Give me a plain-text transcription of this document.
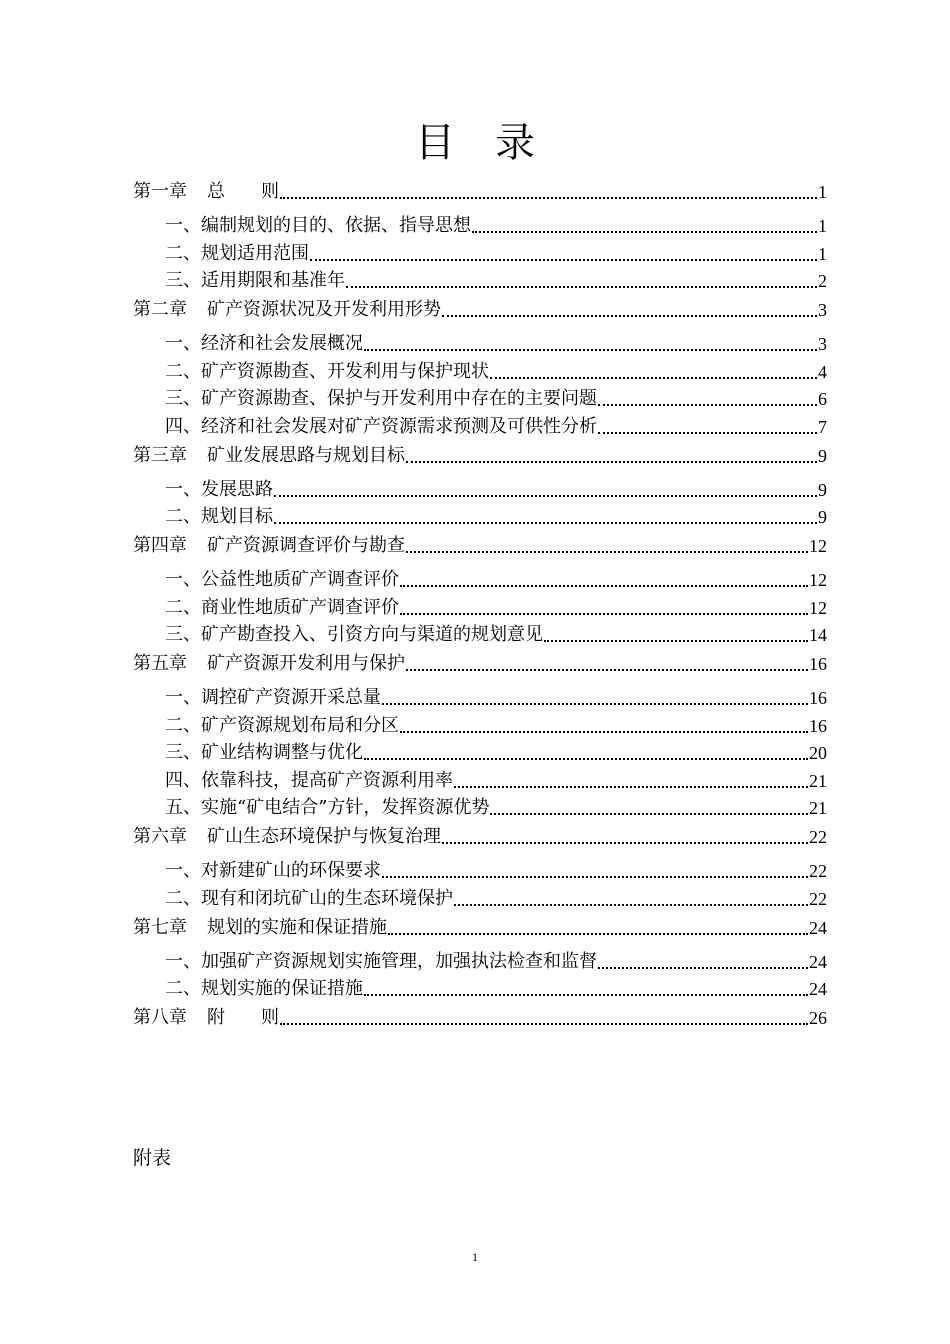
目 录
第一章 总　　则	1
一、编制规划的目的、依据、指导思想	1
二、规划适用范围	1
三、适用期限和基准年	2
第二章 矿产资源状况及开发利用形势	3
一、经济和社会发展概况	3
二、矿产资源勘查、开发利用与保护现状	4
三、矿产资源勘查、保护与开发利用中存在的主要问题	6
四、经济和社会发展对矿产资源需求预测及可供性分析	7
第三章 矿业发展思路与规划目标	9
一、发展思路	9
二、规划目标	9
第四章 矿产资源调查评价与勘查	12
一、公益性地质矿产调查评价	12
二、商业性地质矿产调查评价	12
三、矿产勘查投入、引资方向与渠道的规划意见	14
第五章 矿产资源开发利用与保护	16
一、调控矿产资源开采总量	16
二、矿产资源规划布局和分区	16
三、矿业结构调整与优化	20
四、依靠科技，提高矿产资源利用率	21
五、实施“矿电结合”方针，发挥资源优势	21
第六章 矿山生态环境保护与恢复治理	22
一、对新建矿山的环保要求	22
二、现有和闭坑矿山的生态环境保护	22
第七章 规划的实施和保证措施	24
一、加强矿产资源规划实施管理，加强执法检查和监督	24
二、规划实施的保证措施	24
第八章 附　　则	26
附表
1
